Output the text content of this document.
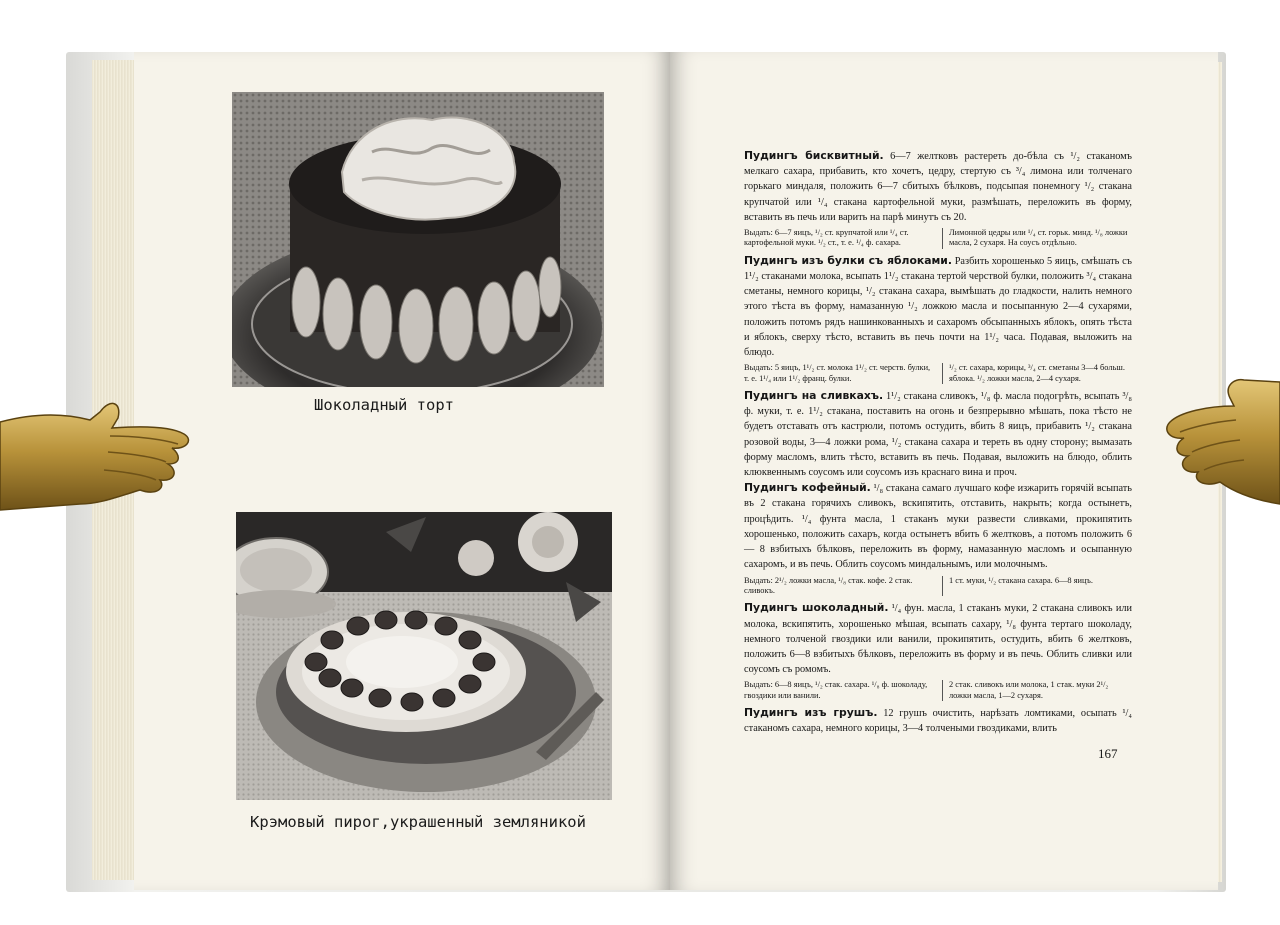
Шоколадный торт
Крэмовый пирог,украшенный земляникой

Пудингъ бисквитный. 6—7 желтковъ растереть до-бѣла съ ¹/₂ стаканомъ мелкаго сахара, прибавить, кто хочетъ, цедру, стертую съ ³/₄ лимона или толченаго горькаго миндаля, положить 6—7 сбитыхъ бѣлковъ, подсыпая понемногу ¹/₂ стакана крупчатой или ¹/₄ стакана картофельной муки, размѣшать, переложить въ форму, вставить въ печь или варить на парѣ минутъ съ 20.

Выдать: 6—7 яицъ, ¹/₂ ст. крупчатой или ¹/₄ ст. картофельной муки. ¹/₂ ст., т. е. ¹/₄ ф. сахара.
Лимонной цедры или ¹/₄ ст. горьк. минд. ¹/₈ ложки масла, 2 сухаря. На соусъ отдѣльно.

Пудингъ изъ булки съ яблоками. Разбить хорошенько 5 яицъ, смѣшать съ 1¹/₂ стаканами молока, всыпать 1¹/₂ стакана тертой черствой булки, положить ³/₄ стакана сметаны, немного корицы, ¹/₂ стакана сахара, вымѣшать до гладкости, налить немного этого тѣста въ форму, намазанную ¹/₂ ложкою масла и посыпанную 2—4 сухарями, положить потомъ рядъ нашинкованныхъ и сахаромъ обсыпанныхъ яблокъ, опять тѣста и яблокъ, сверху тѣсто, вставить въ печь почти на 1¹/₂ часа. Подавая, выложить на блюдо.

Выдать: 5 яицъ, 1¹/₂ ст. молока 1¹/₂ ст. черств. булки, т. е. 1¹/₄ или 1¹/₂ франц. булки.
¹/₂ ст. сахара, корицы, ³/₄ ст. сметаны 3—4 больш. яблока. ¹/₂ ложки масла, 2—4 сухаря.

Пудингъ на сливкахъ. 1¹/₂ стакана сливокъ, ¹/₈ ф. масла подогрѣть, всыпать ³/₈ ф. муки, т. е. 1¹/₂ стакана, поставить на огонь и безпрерывно мѣшать, пока тѣсто не будетъ отставать отъ кастрюли, потомъ остудить, вбить 8 яицъ, прибавить ¹/₂ стакана розовой воды, 3—4 ложки рома, ¹/₂ стакана сахара и тереть въ одну сторону; вымазать форму масломъ, влить тѣсто, вставить въ печь. Подавая, выложить на блюдо, облить клюквеннымъ соусомъ или соусомъ изъ краснаго вина и проч.

Пудингъ кофейный. ¹/₈ стакана самаго лучшаго кофе изжарить горячій всыпать въ 2 стакана горячихъ сливокъ, вскипятить, отставить, накрыть; когда остынетъ, процѣдить. ¹/₄ фунта масла, 1 стаканъ муки развести сливками, прокипятить хорошенько, положить сахаръ, когда остынетъ вбить 6 желтковъ, а потомъ положить 6 — 8 взбитыхъ бѣлковъ, переложить въ форму, намазанную масломъ и осыпанную сахаромъ, и въ печь. Облить соусомъ миндальнымъ, или молочнымъ.

Выдать: 2¹/₂ ложки масла, ¹/₈ стак. кофе. 2 стак. сливокъ.
1 ст. муки, ¹/₂ стакана сахара. 6—8 яицъ.

Пудингъ шоколадный. ¹/₄ фун. масла, 1 стаканъ муки, 2 стакана сливокъ или молока, вскипятить, хорошенько мѣшая, всыпать сахару, ¹/₈ фунта тертаго шоколаду, немного толченой гвоздики или ванили, прокипятить, остудить, вбить 6 желтковъ, положить 6—8 взбитыхъ бѣлковъ, переложить въ форму и въ печь. Облить сливки или соусомъ съ ромомъ.

Выдать: 6—8 яицъ, ¹/₂ стак. сахара. ¹/₈ ф. шоколаду, гвоздики или ванили.
2 стак. сливокъ или молока, 1 стак. муки 2¹/₂ ложки масла, 1—2 сухаря.

Пудингъ изъ грушъ. 12 грушъ очистить, нарѣзать ломтиками, осыпать ¹/₄ стаканомъ сахара, немного корицы, 3—4 толчеными гвоздиками, влить

167
